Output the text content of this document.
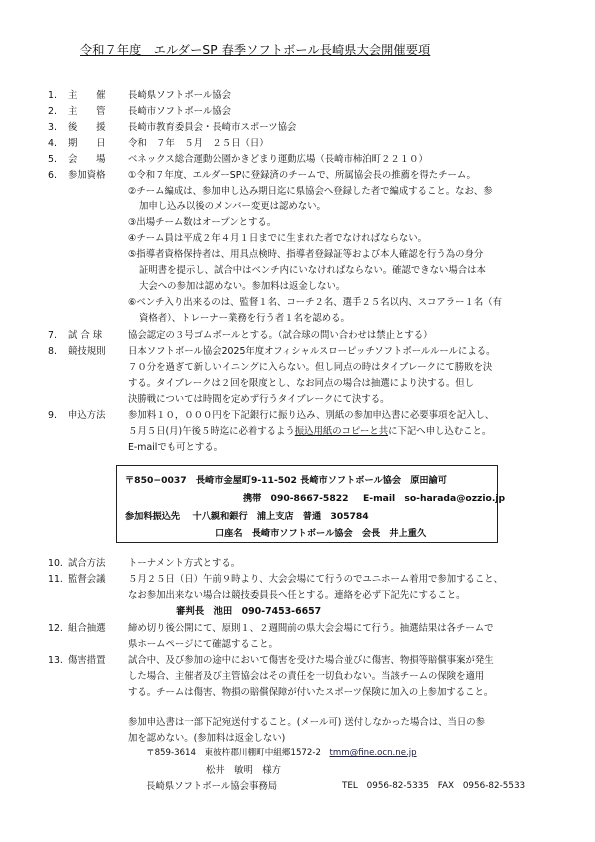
令和７年度　エルダーSP 春季ソフトボール長崎県大会開催要項
1. 主　　催 長崎県ソフトボール協会
2. 主　　管 長崎市ソフトボール協会
3. 後　　援 長崎市教育委員会・長崎市スポーツ協会
4. 期　　日 令和　７年　５月　２５日（日）
5. 会　　場 ベネックス総合運動公園かきどまり運動広場（長崎市柿泊町２２１０）
6. 参加資格 ①令和７年度、エルダーSPに登録済のチームで、所属協会長の推薦を得たチーム。
②チーム編成は、参加申し込み期日迄に県協会へ登録した者で編成すること。なお、参
加申し込み以後のメンバー変更は認めない。
③出場チーム数はオープンとする。
④チーム員は平成２年４月１日までに生まれた者でなければならない。
⑤指導者資格保持者は、用具点検時、指導者登録証等および本人確認を行う為の身分
証明書を提示し、試合中はベンチ内にいなければならない。確認できない場合は本
大会への参加は認めない。参加料は返金しない。
⑥ベンチ入り出来るのは、監督１名、コーチ２名、選手２５名以内、スコアラー１名（有
資格者）、トレーナー業務を行う者１名を認める。
7. 試 合 球	協会認定の３号ゴムボールとする。（試合球の問い合わせは禁止とする）
8. 競技規則 日本ソフトボール協会2025年度オフィシャルスローピッチソフトボールルールによる。
７０分を過ぎて新しいイニングに入らない。但し同点の時はタイブレークにて勝敗を決
する。タイブレークは２回を限度とし、なお同点の場合は抽選により決する。但し
決勝戦については時間を定めず行うタイブレークにて決する。
9. 申込方法 参加料１０，０００円を下記銀行に振り込み、別紙の参加申込書に必要事項を記入し、
５月５日(月)午後５時迄に必着するよう振込用紙のコピーと共に下記へ申し込むこと。
E-mailでも可とする。
〒850−0037　長崎市金屋町9-11-502 長崎市ソフトボール協会　原田諭可
携帯　090-8667-5822 E-mail　so-harada@ozzio.jp
参加料振込先　 十八親和銀行　浦上支店　普通　305784
口座名　長崎市ソフトボール協会　会長　井上重久
10. 試合方法 トーナメント方式とする。
11. 監督会議 ５月２５日（日）午前９時より、大会会場にて行うのでユニホーム着用で参加すること、
なお参加出来ない場合は競技委員長へ任とする。連絡を必ず下記先にすること。
審判長　池田　090-7453-6657
12. 組合抽選 締め切り後公開にて、原則１、２週間前の県大会会場にて行う。抽選結果は各チームで
県ホームページにて確認すること。
13. 傷害措置 試合中、及び参加の途中において傷害を受けた場合並びに傷害、物損等賠償事案が発生
した場合、主催者及び主管協会はその責任を一切負わない。当該チームの保険を適用
する。チームは傷害、物損の賠償保障が付いたスポーツ保険に加入の上参加すること。
参加申込書は一部下記宛送付すること。(メール可) 送付しなかった場合は、当日の参
加を認めない。(参加料は返金しない)
〒859-3614　東彼杵郡川棚町中組郷1572-2　tmm@fine.ocn.ne.jp
松井　敏明　様方
長崎県ソフトボール協会事務局	TEL　0956-82-5335　FAX　0956-82-5533
